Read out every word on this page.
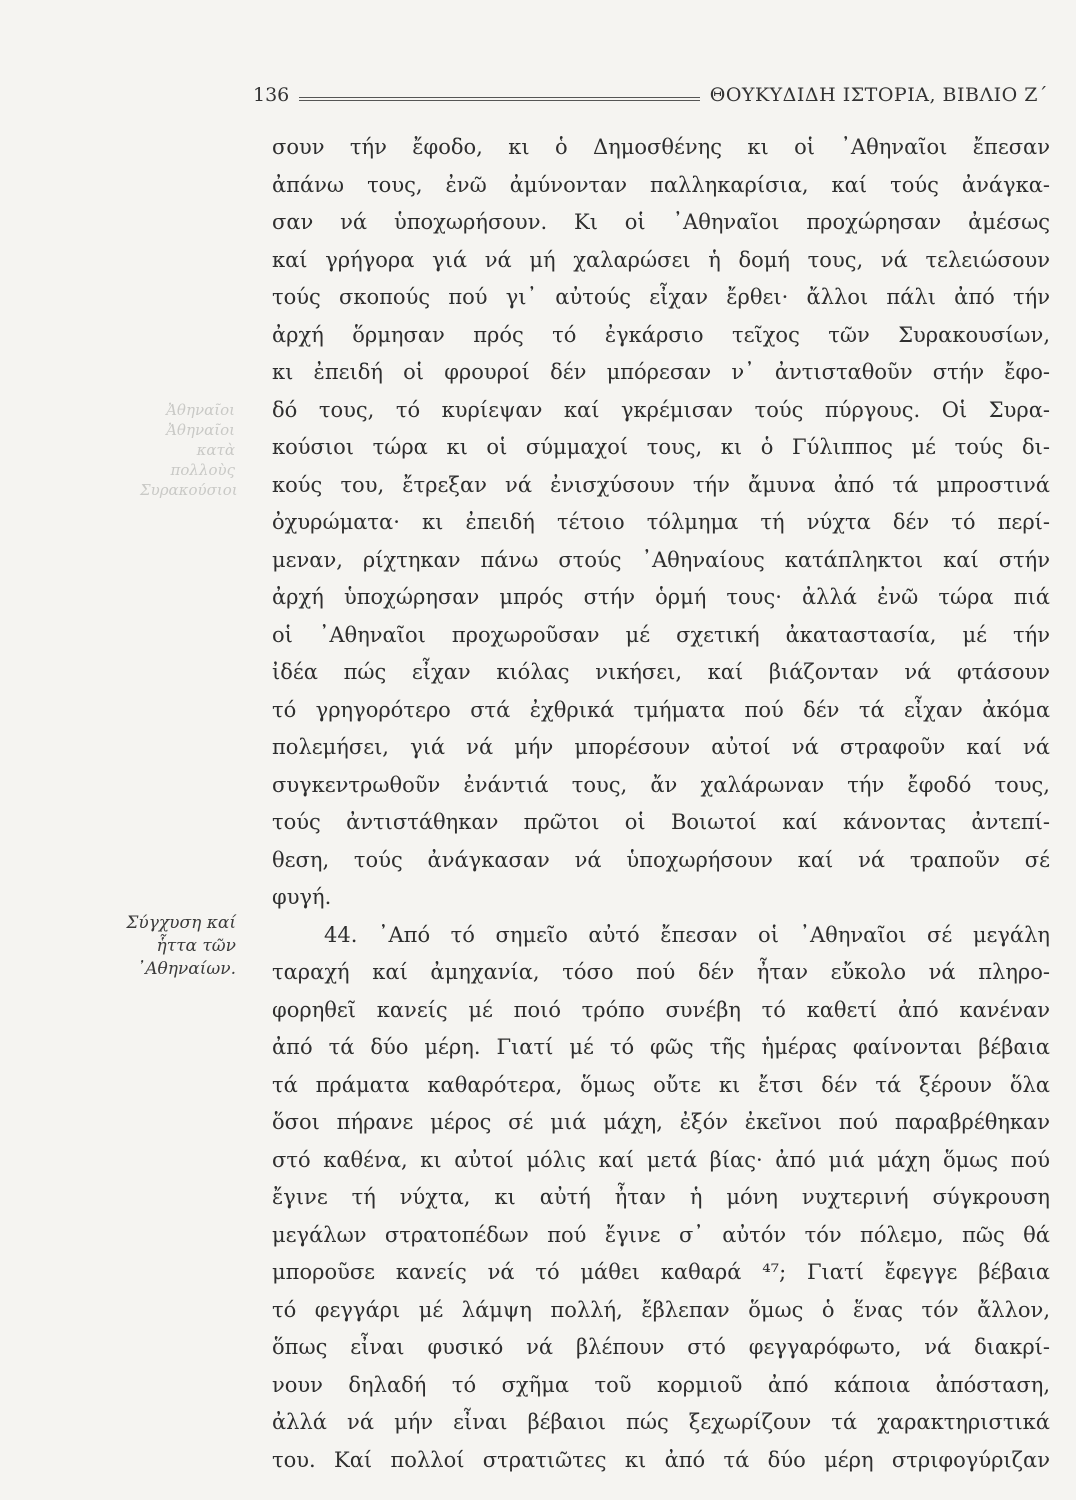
136	ΘΟΥΚΥΔΙΔΗ ΙΣΤΟΡΙΑ, ΒΙΒΛΙΟ Ζ΄
Ἀθηναῖοι Ἀθηναῖοι κατὰ πολλοὺς Συρακούσιοι
Σύγχυση καί
ἧττα τῶν
᾿Αθηναίων.
σουν τήν ἔφοδο, κι ὁ Δημοσθένης κι οἱ ᾿Αθηναῖοι ἔπεσαν
ἀπάνω τους, ἐνῶ ἀμύνονταν παλληκαρίσια, καί τούς ἀνάγκα-
σαν νά ὑποχωρήσουν. Κι οἱ ᾿Αθηναῖοι προχώρησαν ἀμέσως
καί γρήγορα γιά νά μή χαλαρώσει ἡ δομή τους, νά τελειώσουν
τούς σκοπούς πού γι᾿ αὐτούς εἶχαν ἔρθει· ἄλλοι πάλι ἀπό τήν
ἀρχή ὅρμησαν πρός τό ἐγκάρσιο τεῖχος τῶν Συρακουσίων,
κι ἐπειδή οἱ φρουροί δέν μπόρεσαν ν᾿ ἀντισταθοῦν στήν ἔφο-
δό τους, τό κυρίεψαν καί γκρέμισαν τούς πύργους. Οἱ Συρα-
κούσιοι τώρα κι οἱ σύμμαχοί τους, κι ὁ Γύλιππος μέ τούς δι-
κούς του, ἔτρεξαν νά ἐνισχύσουν τήν ἄμυνα ἀπό τά μπροστινά
ὀχυρώματα· κι ἐπειδή τέτοιο τόλμημα τή νύχτα δέν τό περί-
μεναν, ρίχτηκαν πάνω στούς ᾿Αθηναίους κατάπληκτοι καί στήν
ἀρχή ὑποχώρησαν μπρός στήν ὁρμή τους· ἀλλά ἐνῶ τώρα πιά
οἱ ᾿Αθηναῖοι προχωροῦσαν μέ σχετική ἀκαταστασία, μέ τήν
ἰδέα πώς εἶχαν κιόλας νικήσει, καί βιάζονταν νά φτάσουν
τό γρηγορότερο στά ἐχθρικά τμήματα πού δέν τά εἶχαν ἀκόμα
πολεμήσει, γιά νά μήν μπορέσουν αὐτοί νά στραφοῦν καί νά
συγκεντρωθοῦν ἐνάντιά τους, ἄν χαλάρωναν τήν ἔφοδό τους,
τούς ἀντιστάθηκαν πρῶτοι οἱ Βοιωτοί καί κάνοντας ἀντεπί-
θεση, τούς ἀνάγκασαν νά ὑποχωρήσουν καί νά τραποῦν σέ
φυγή.
44. ᾿Από τό σημεῖο αὐτό ἔπεσαν οἱ ᾿Αθηναῖοι σέ μεγάλη
ταραχή καί ἀμηχανία, τόσο πού δέν ἦταν εὔκολο νά πληρο-
φορηθεῖ κανείς μέ ποιό τρόπο συνέβη τό καθετί ἀπό κανέναν
ἀπό τά δύο μέρη. Γιατί μέ τό φῶς τῆς ἡμέρας φαίνονται βέβαια
τά πράματα καθαρότερα, ὅμως οὔτε κι ἔτσι δέν τά ξέρουν ὅλα
ὅσοι πήρανε μέρος σέ μιά μάχη, ἐξόν ἐκεῖνοι πού παραβρέθηκαν
στό καθένα, κι αὐτοί μόλις καί μετά βίας· ἀπό μιά μάχη ὅμως πού
ἔγινε τή νύχτα, κι αὐτή ἦταν ἡ μόνη νυχτερινή σύγκρουση
μεγάλων στρατοπέδων πού ἔγινε σ᾿ αὐτόν τόν πόλεμο, πῶς θά
μποροῦσε κανείς νά τό μάθει καθαρά ⁴⁷; Γιατί ἔφεγγε βέβαια
τό φεγγάρι μέ λάμψη πολλή, ἔβλεπαν ὅμως ὁ ἕνας τόν ἄλλον,
ὅπως εἶναι φυσικό νά βλέπουν στό φεγγαρόφωτο, νά διακρί-
νουν δηλαδή τό σχῆμα τοῦ κορμιοῦ ἀπό κάποια ἀπόσταση,
ἀλλά νά μήν εἶναι βέβαιοι πώς ξεχωρίζουν τά χαρακτηριστικά
του. Καί πολλοί στρατιῶτες κι ἀπό τά δύο μέρη στριφογύριζαν
